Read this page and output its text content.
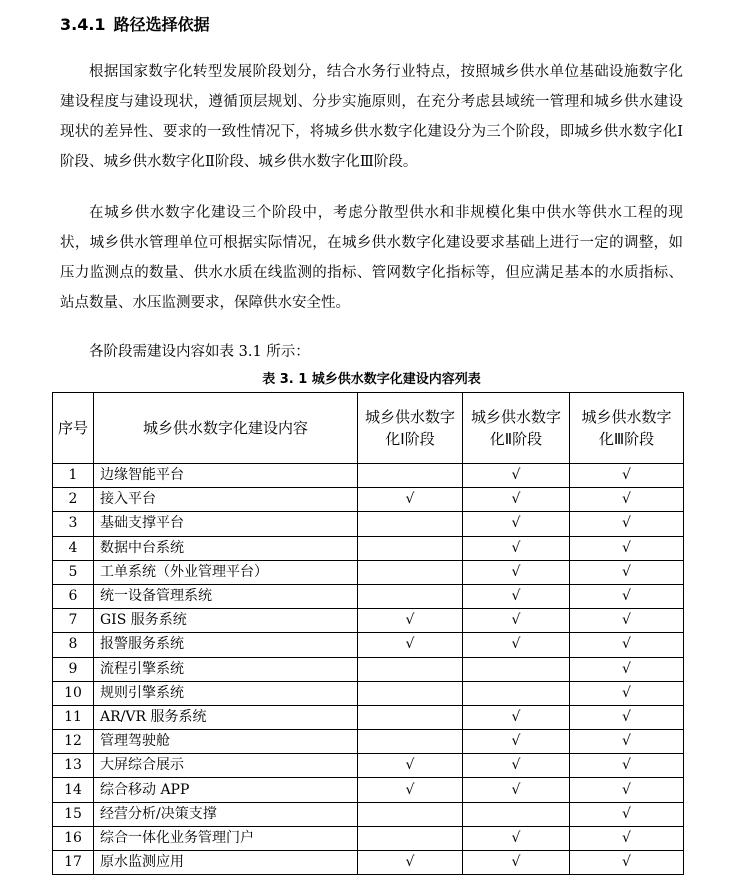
3.4.1 路径选择依据

根据国家数字化转型发展阶段划分，结合水务行业特点，按照城乡供水单位基础设施数字化建设程度与建设现状，遵循顶层规划、分步实施原则，在充分考虑县域统一管理和城乡供水建设现状的差异性、要求的一致性情况下，将城乡供水数字化建设分为三个阶段，即城乡供水数字化Ⅰ阶段、城乡供水数字化Ⅱ阶段、城乡供水数字化Ⅲ阶段。

在城乡供水数字化建设三个阶段中，考虑分散型供水和非规模化集中供水等供水工程的现状，城乡供水管理单位可根据实际情况，在城乡供水数字化建设要求基础上进行一定的调整，如压力监测点的数量、供水水质在线监测的指标、管网数字化指标等，但应满足基本的水质指标、站点数量、水压监测要求，保障供水安全性。

各阶段需建设内容如表 3.1 所示：
表 3. 1 城乡供水数字化建设内容列表
序号	城乡供水数字化建设内容	城乡供水数字化Ⅰ阶段	城乡供水数字化Ⅱ阶段	城乡供水数字化Ⅲ阶段
1	边缘智能平台		√	√
2	接入平台	√	√	√
3	基础支撑平台		√	√
4	数据中台系统		√	√
5	工单系统（外业管理平台）		√	√
6	统一设备管理系统		√	√
7	GIS 服务系统	√	√	√
8	报警服务系统	√	√	√
9	流程引擎系统			√
10	规则引擎系统			√
11	AR/VR 服务系统		√	√
12	管理驾驶舱		√	√
13	大屏综合展示	√	√	√
14	综合移动 APP	√	√	√
15	经营分析/决策支撑			√
16	综合一体化业务管理门户		√	√
17	原水监测应用	√	√	√
